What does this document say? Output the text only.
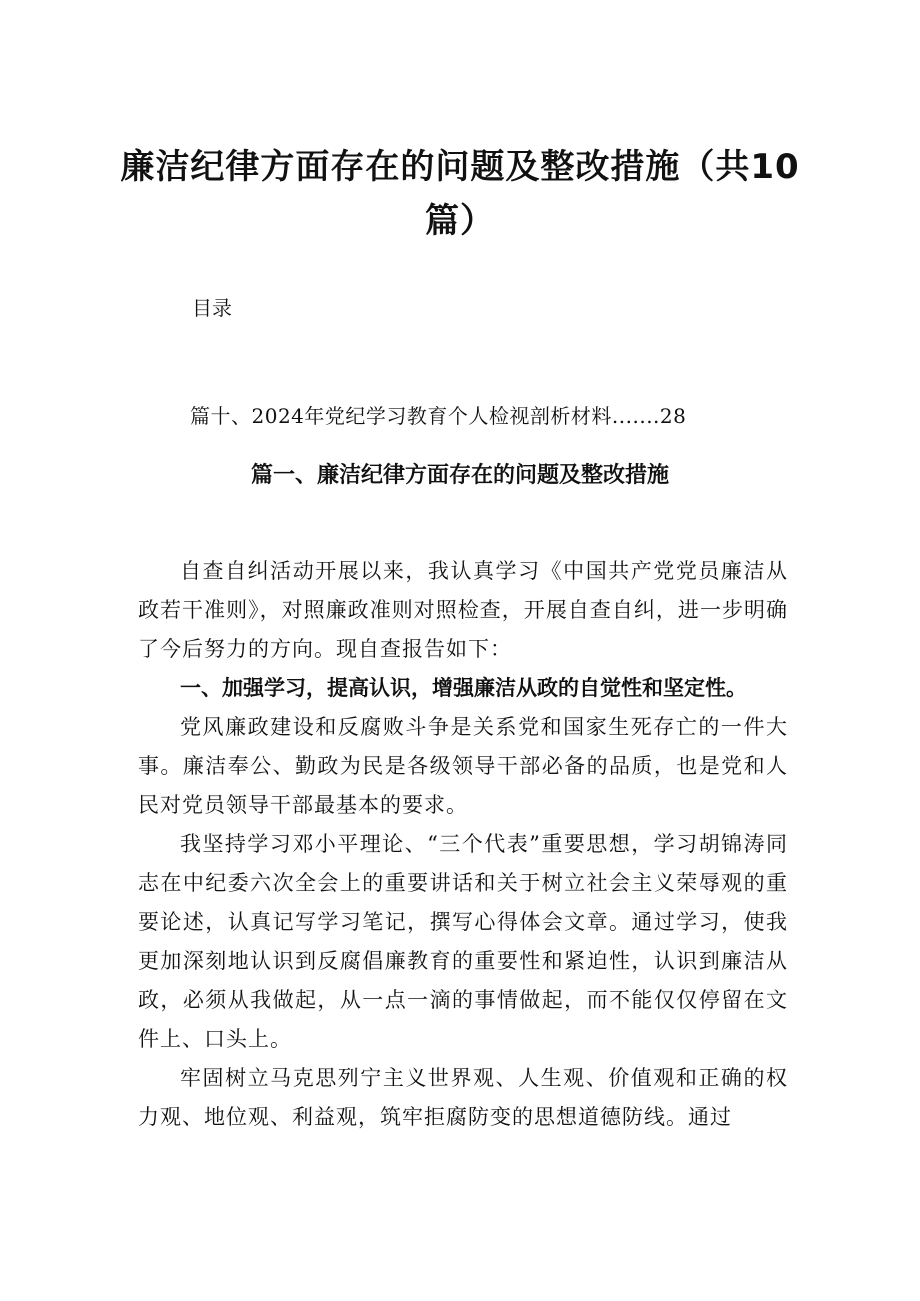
廉洁纪律方面存在的问题及整改措施（共10篇）
目录
篇十、2024年党纪学习教育个人检视剖析材料.......28
篇一、廉洁纪律方面存在的问题及整改措施

自查自纠活动开展以来，我认真学习《中国共产党党员廉洁从政若干准则》，对照廉政准则对照检查，开展自查自纠，进一步明确了今后努力的方向。现自查报告如下：

一、加强学习，提高认识，增强廉洁从政的自觉性和坚定性。

党风廉政建设和反腐败斗争是关系党和国家生死存亡的一件大事。廉洁奉公、勤政为民是各级领导干部必备的品质，也是党和人民对党员领导干部最基本的要求。

我坚持学习邓小平理论、“三个代表”重要思想，学习胡锦涛同志在中纪委六次全会上的重要讲话和关于树立社会主义荣辱观的重要论述，认真记写学习笔记，撰写心得体会文章。通过学习，使我更加深刻地认识到反腐倡廉教育的重要性和紧迫性，认识到廉洁从政，必须从我做起，从一点一滴的事情做起，而不能仅仅停留在文件上、口头上。

牢固树立马克思列宁主义世界观、人生观、价值观和正确的权力观、地位观、利益观，筑牢拒腐防变的思想道德防线。通过
